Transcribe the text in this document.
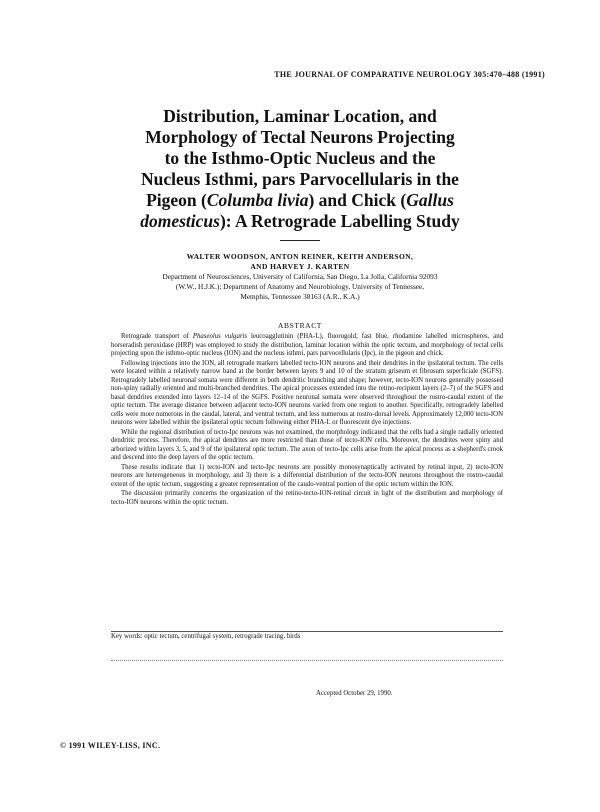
THE JOURNAL OF COMPARATIVE NEUROLOGY 305:470–488 (1991)
Distribution, Laminar Location, and
Morphology of Tectal Neurons Projecting
to the Isthmo-Optic Nucleus and the
Nucleus Isthmi, pars Parvocellularis in the
Pigeon (Columba livia) and Chick (Gallus
domesticus): A Retrograde Labelling Study
WALTER WOODSON, ANTON REINER, KEITH ANDERSON,
AND HARVEY J. KARTEN
Department of Neurosciences, University of California, San Diego, La Jolla, California 92093
(W.W., H.J.K.); Department of Anatomy and Neurobiology, University of Tennessee,
Memphis, Tennessee 38163 (A.R., K.A.)
ABSTRACT

Retrograde transport of Phaseolus vulgaris leucoagglutinin (PHA-L), fluorogold, fast blue, rhodamine labelled microspheres, and horseradish peroxidase (HRP) was employed to study the distribution, laminar location within the optic tectum, and morphology of tectal cells projecting upon the isthmo-optic nucleus (ION) and the nucleus isthmi, pars parvocellularis (Ipc), in the pigeon and chick.

Following injections into the ION, all retrograde markers labelled tecto-ION neurons and their dendrites in the ipsilateral tectum. The cells were located within a relatively narrow band at the border between layers 9 and 10 of the stratum griseum et fibrosum superficiale (SGFS). Retrogradely labelled neuronal somata were different in both dendritic branching and shape; however, tecto-ION neurons generally possessed non-spiny radially oriented and multi-branched dendrites. The apical processes extended into the retino-recipient layers (2–7) of the SGFS and basal dendrites extended into layers 12–14 of the SGFS. Positive neuronal somata were observed throughout the rostro-caudal extent of the optic tectum. The average distance between adjacent tecto-ION neurons varied from one region to another. Specifically, retrogradely labelled cells were more numerous in the caudal, lateral, and ventral tectum, and less numerous at rostro-dorsal levels. Approximately 12,000 tecto-ION neurons were labelled within the ipsilateral optic tectum following either PHA-L or fluorescent dye injections.

While the regional distribution of tecto-Ipc neurons was not examined, the morphology indicated that the cells had a single radially oriented dendritic process. Therefore, the apical dendrites are more restricted than those of tecto-ION cells. Moreover, the dendrites were spiny and arborized within layers 3, 5, and 9 of the ipsilateral optic tectum. The axon of tecto-Ipc cells arise from the apical process as a shepherd's crook and descend into the deep layers of the optic tectum.

These results indicate that 1) tecto-ION and tecto-Ipc neurons are possibly monosynaptically activated by retinal input, 2) tecto-ION neurons are heterogeneous in morphology, and 3) there is a differential distribution of the tecto-ION neurons throughout the rostro-caudal extent of the optic tectum, suggesting a greater representation of the caudo-ventral portion of the optic tectum within the ION.

The discussion primarily concerns the organization of the retino-tecto-ION-retinal circuit in light of the distribution and morphology of tecto-ION neurons within the optic tectum.

Key words: optic tectum, centrifugal system, retrograde tracing, birds
Accepted October 29, 1990.
© 1991 WILEY-LISS, INC.
